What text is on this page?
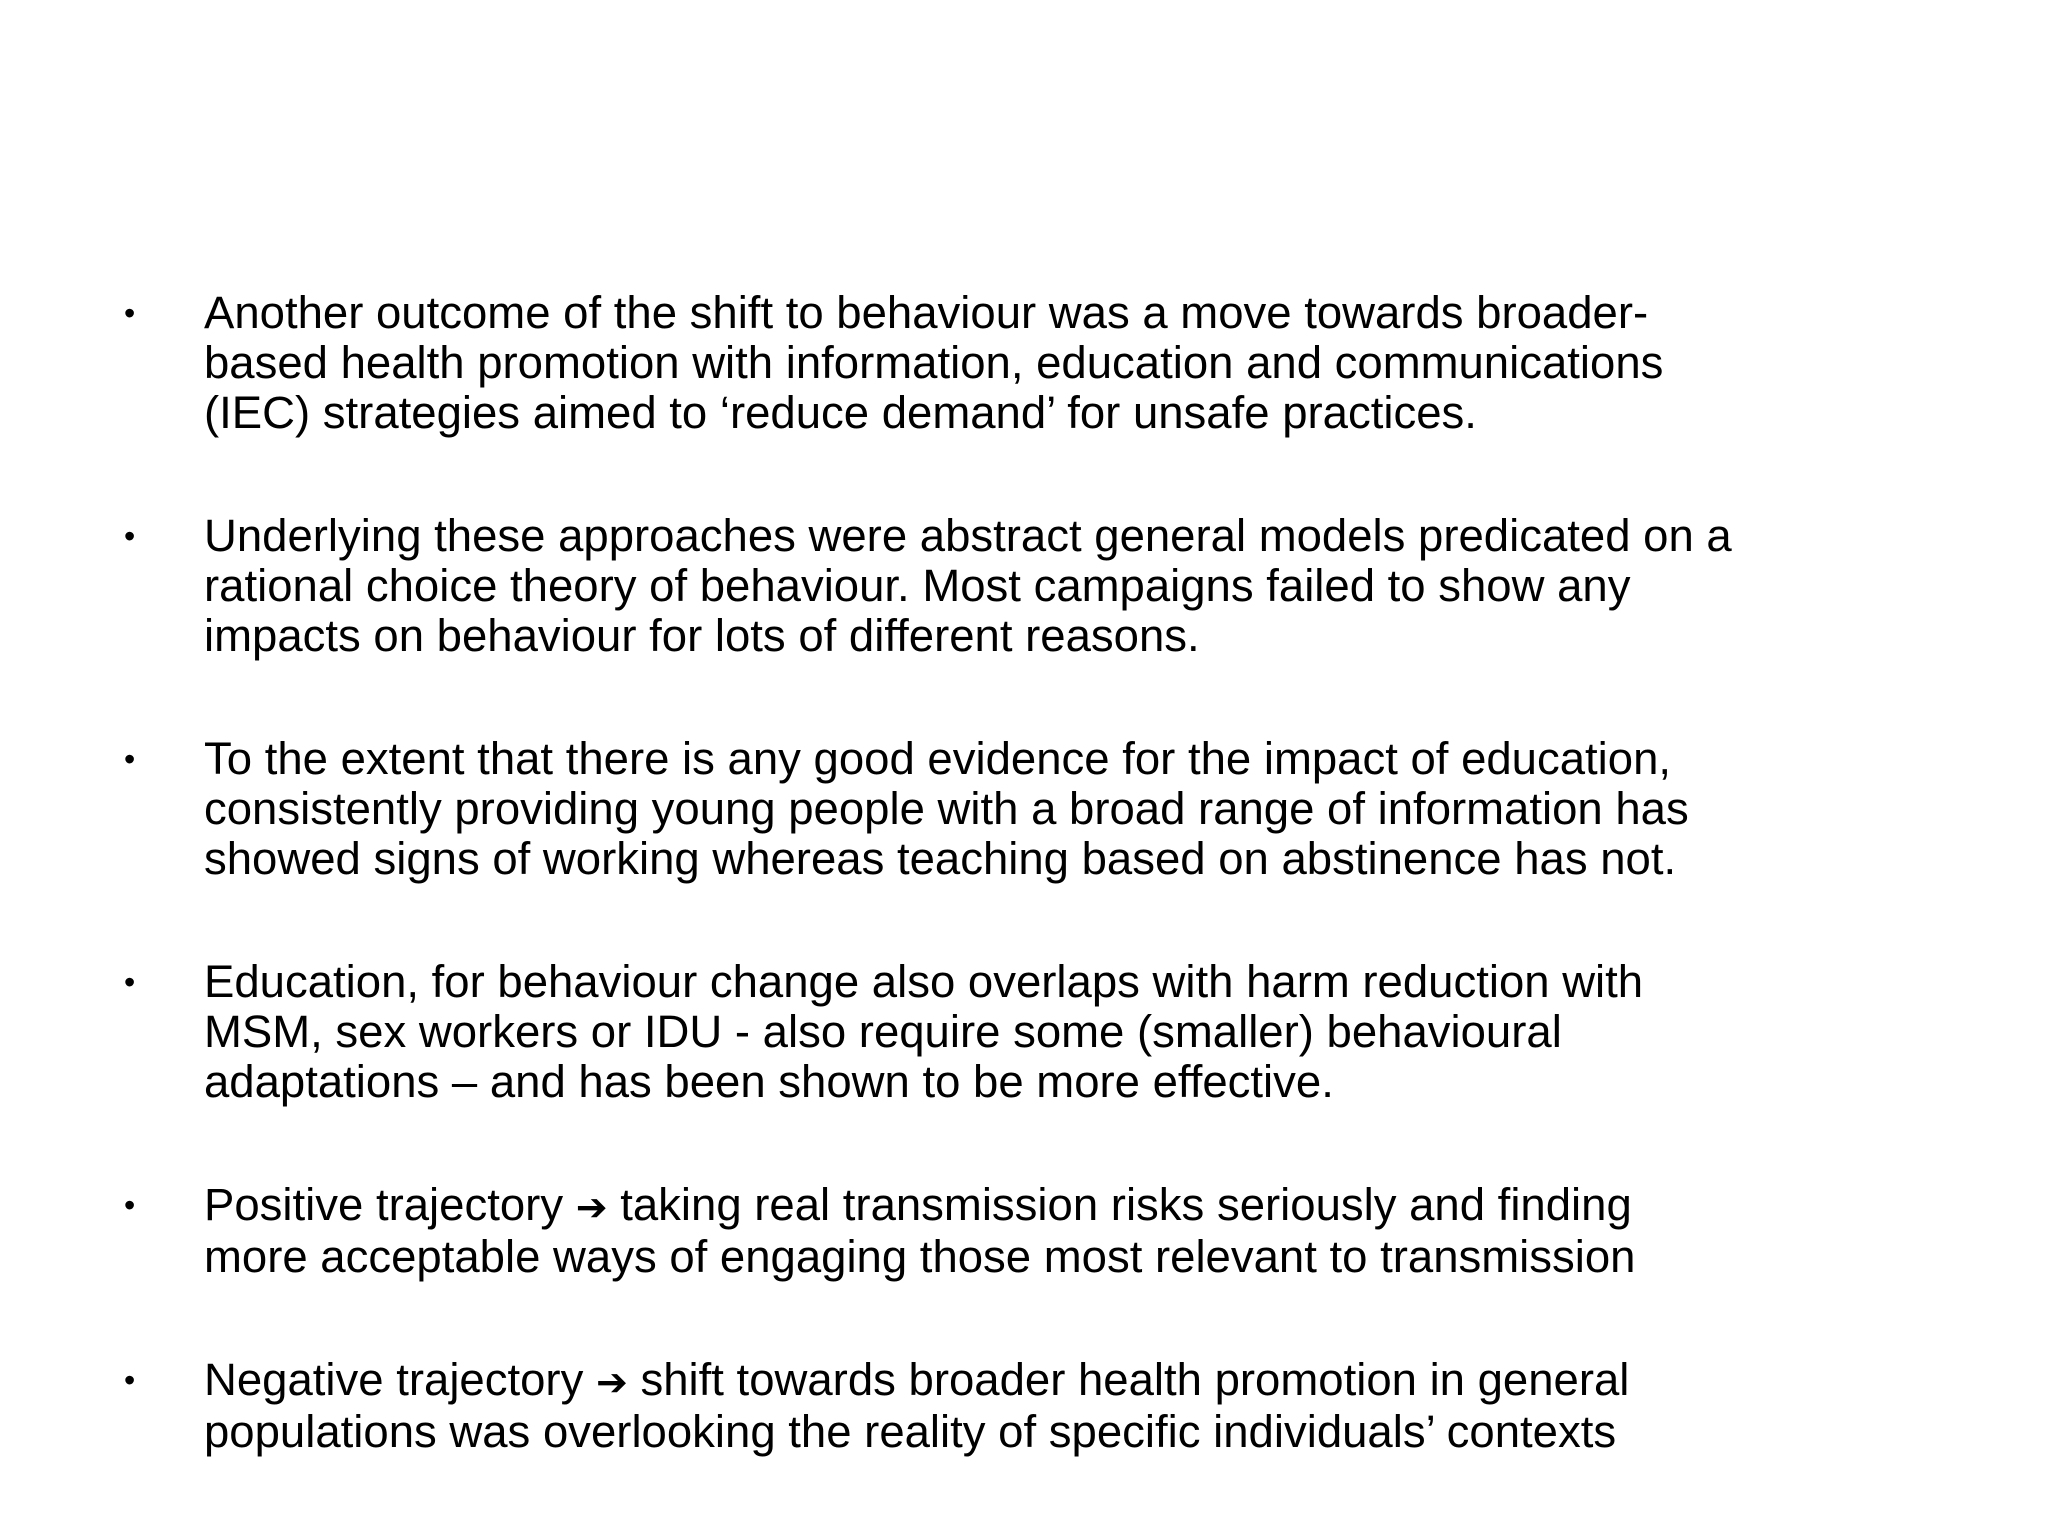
•	Another outcome of the shift to behaviour was a move towards broader-
based health promotion with information, education and communications
(IEC) strategies aimed to ‘reduce demand’ for unsafe practices.
•	Underlying these approaches were abstract general models predicated on a
rational choice theory of behaviour. Most campaigns failed to show any
impacts on behaviour for lots of different reasons.
•	To the extent that there is any good evidence for the impact of education,
consistently providing young people with a broad range of information has
showed signs of working whereas teaching based on abstinence has not.
•	Education, for behaviour change also overlaps with harm reduction with
MSM, sex workers or IDU - also require some (smaller) behavioural
adaptations – and has been shown to be more effective.
•	Positive trajectory ➔ taking real transmission risks seriously and finding
more acceptable ways of engaging those most relevant to transmission
•	Negative trajectory ➔ shift towards broader health promotion in general
populations was overlooking the reality of specific individuals’ contexts
